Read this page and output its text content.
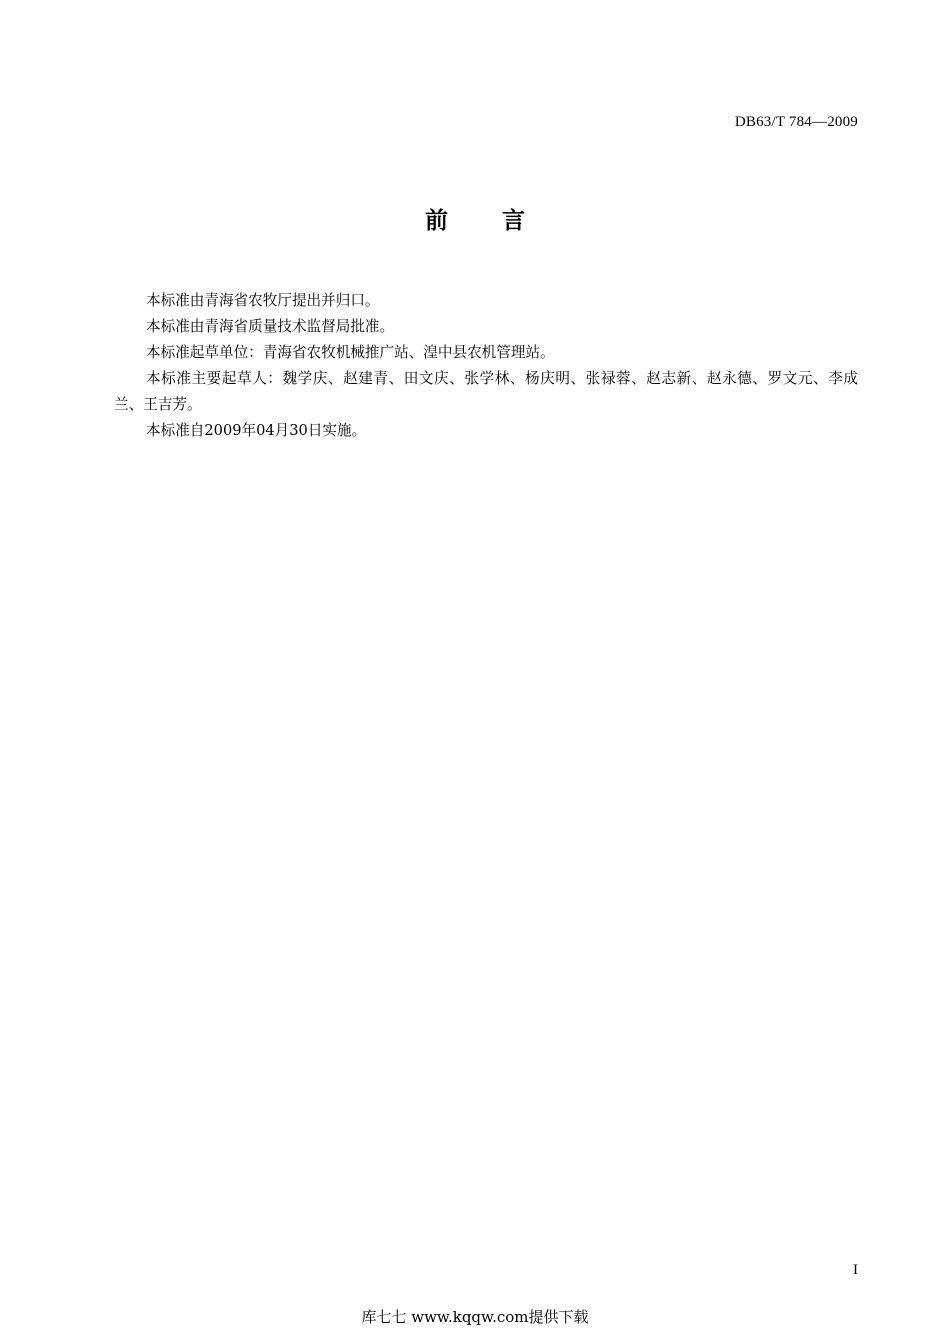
DB63/T 784—2009
前言

本标准由青海省农牧厅提出并归口。

本标准由青海省质量技术监督局批准。

本标准起草单位：青海省农牧机械推广站、湟中县农机管理站。

本标准主要起草人：魏学庆、赵建青、田文庆、张学林、杨庆明、张禄蓉、赵志新、赵永德、罗文元、李成兰、王吉芳。

本标准自2009年04月30日实施。

I
库七七 www.kqqw.com提供下载
